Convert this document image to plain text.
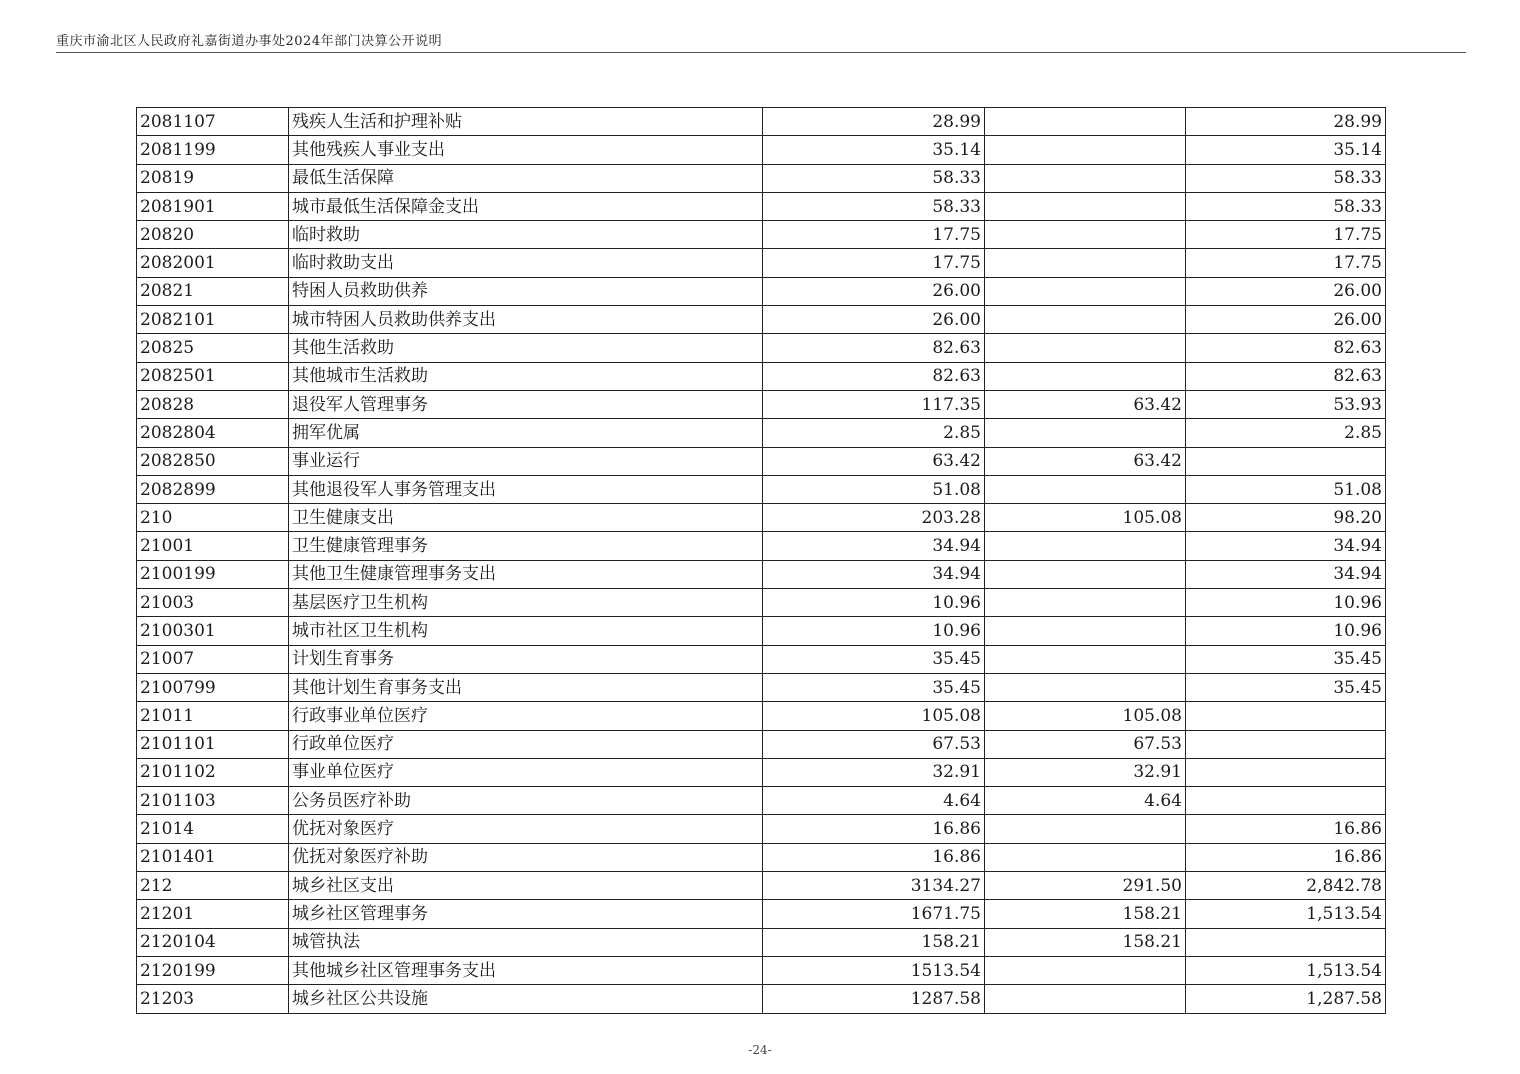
重庆市渝北区人民政府礼嘉街道办事处2024年部门决算公开说明
2081107	残疾人生活和护理补贴	28.99		28.99
2081199	其他残疾人事业支出	35.14		35.14
20819	最低生活保障	58.33		58.33
2081901	城市最低生活保障金支出	58.33		58.33
20820	临时救助	17.75		17.75
2082001	临时救助支出	17.75		17.75
20821	特困人员救助供养	26.00		26.00
2082101	城市特困人员救助供养支出	26.00		26.00
20825	其他生活救助	82.63		82.63
2082501	其他城市生活救助	82.63		82.63
20828	退役军人管理事务	117.35	63.42	53.93
2082804	拥军优属	2.85		2.85
2082850	事业运行	63.42	63.42	
2082899	其他退役军人事务管理支出	51.08		51.08
210	卫生健康支出	203.28	105.08	98.20
21001	卫生健康管理事务	34.94		34.94
2100199	其他卫生健康管理事务支出	34.94		34.94
21003	基层医疗卫生机构	10.96		10.96
2100301	城市社区卫生机构	10.96		10.96
21007	计划生育事务	35.45		35.45
2100799	其他计划生育事务支出	35.45		35.45
21011	行政事业单位医疗	105.08	105.08	
2101101	行政单位医疗	67.53	67.53	
2101102	事业单位医疗	32.91	32.91	
2101103	公务员医疗补助	4.64	4.64	
21014	优抚对象医疗	16.86		16.86
2101401	优抚对象医疗补助	16.86		16.86
212	城乡社区支出	3134.27	291.50	2,842.78
21201	城乡社区管理事务	1671.75	158.21	1,513.54
2120104	城管执法	158.21	158.21	
2120199	其他城乡社区管理事务支出	1513.54		1,513.54
21203	城乡社区公共设施	1287.58		1,287.58
-24-
